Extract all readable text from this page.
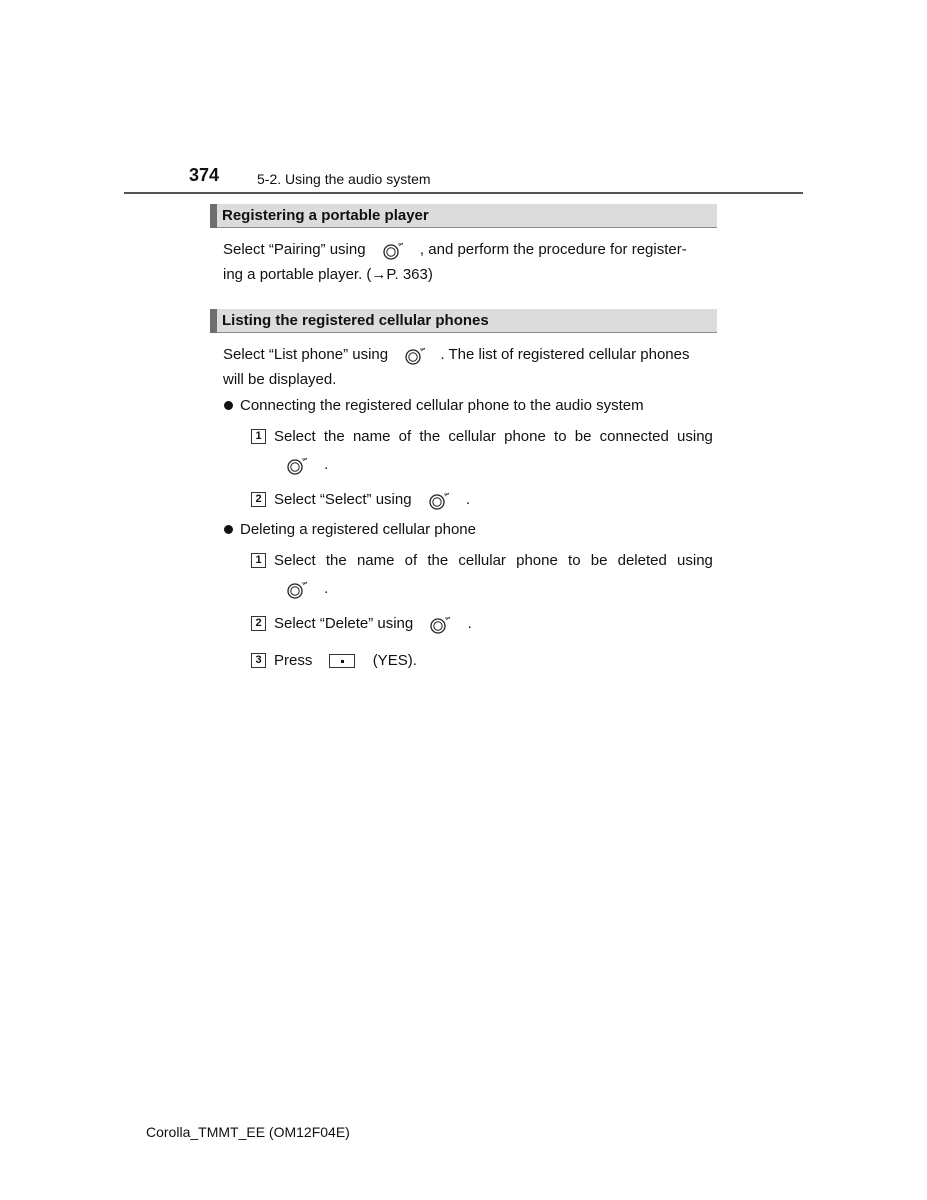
374	5-2. Using the audio system
Registering a portable player
Select “Pairing” using	, and perform the procedure for register-
ing a portable player. (→P. 363)
Listing the registered cellular phones
Select “List phone” using	. The list of registered cellular phones
will be displayed.
Connecting the registered cellular phone to the audio system
1 Select the name of the cellular phone to be connected using
.
2 Select “Select” using	.
Deleting a registered cellular phone
1 Select the name of the cellular phone to be deleted using
.
2 Select “Delete” using	.
3 Press	(YES).
Corolla_TMMT_EE (OM12F04E)
